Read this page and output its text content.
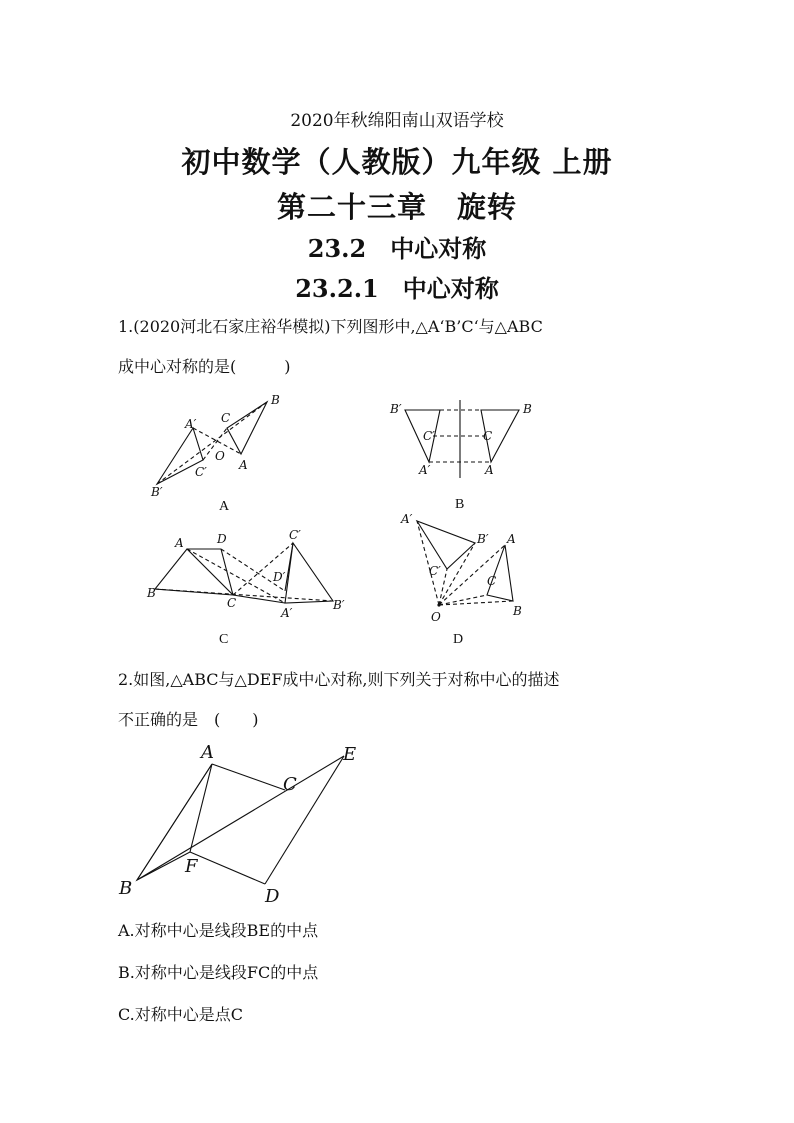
2020年秋绵阳南山双语学校
初中数学（人教版）九年级 上册
第二十三章　旋转
23.2　中心对称
23.2.1　中心对称
1.(2020河北石家庄裕华模拟)下列图形中,△A‘B’C‘与△ABC
成中心对称的是(　　　)
A′ C
B
O
A
C′
B′
A
B′	B
C′	C
A′	A
B
A	D	C′
D′
B
C
A′
B′
C
A′
B′ A
C′
C
O	B
D
2.如图,△ABC与△DEF成中心对称,则下列关于对称中心的描述
不正确的是　(　　)
A	E
C
F
B	D
A.对称中心是线段BE的中点
B.对称中心是线段FC的中点
C.对称中心是点C
